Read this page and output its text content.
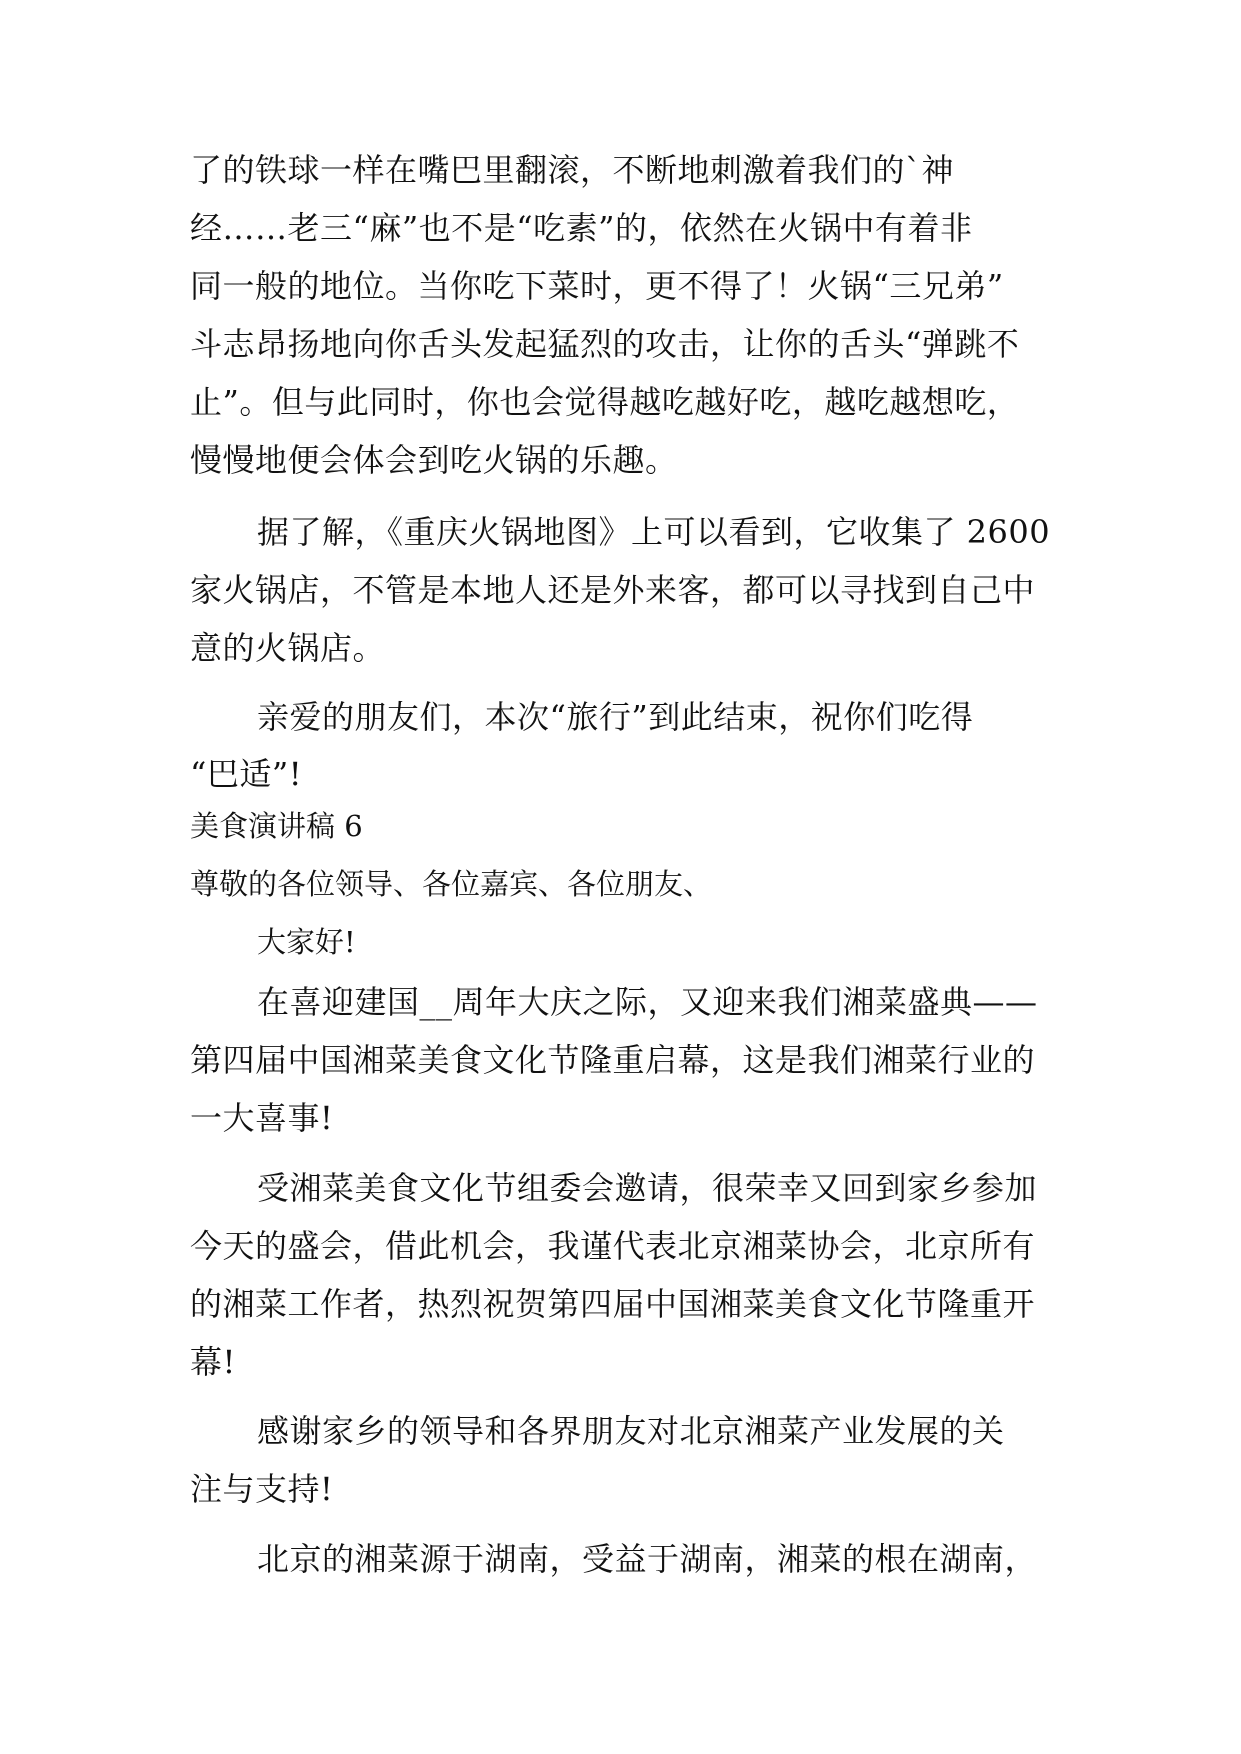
了的铁球一样在嘴巴里翻滚，不断地刺激着我们的`神
经……老三“麻”也不是“吃素”的，依然在火锅中有着非
同一般的地位。当你吃下菜时，更不得了！火锅“三兄弟”
斗志昂扬地向你舌头发起猛烈的攻击，让你的舌头“弹跳不
止”。但与此同时，你也会觉得越吃越好吃，越吃越想吃，
慢慢地便会体会到吃火锅的乐趣。
据了解，《重庆火锅地图》上可以看到，它收集了 2600
家火锅店，不管是本地人还是外来客，都可以寻找到自己中
意的火锅店。
亲爱的朋友们，本次“旅行”到此结束，祝你们吃得
“巴适”!
美食演讲稿 6
尊敬的各位领导、各位嘉宾、各位朋友、
大家好!
在喜迎建国__周年大庆之际，又迎来我们湘菜盛典——
第四届中国湘菜美食文化节隆重启幕，这是我们湘菜行业的
一大喜事!
受湘菜美食文化节组委会邀请，很荣幸又回到家乡参加
今天的盛会，借此机会，我谨代表北京湘菜协会，北京所有
的湘菜工作者，热烈祝贺第四届中国湘菜美食文化节隆重开
幕!
感谢家乡的领导和各界朋友对北京湘菜产业发展的关
注与支持!
北京的湘菜源于湖南，受益于湖南，湘菜的根在湖南，
